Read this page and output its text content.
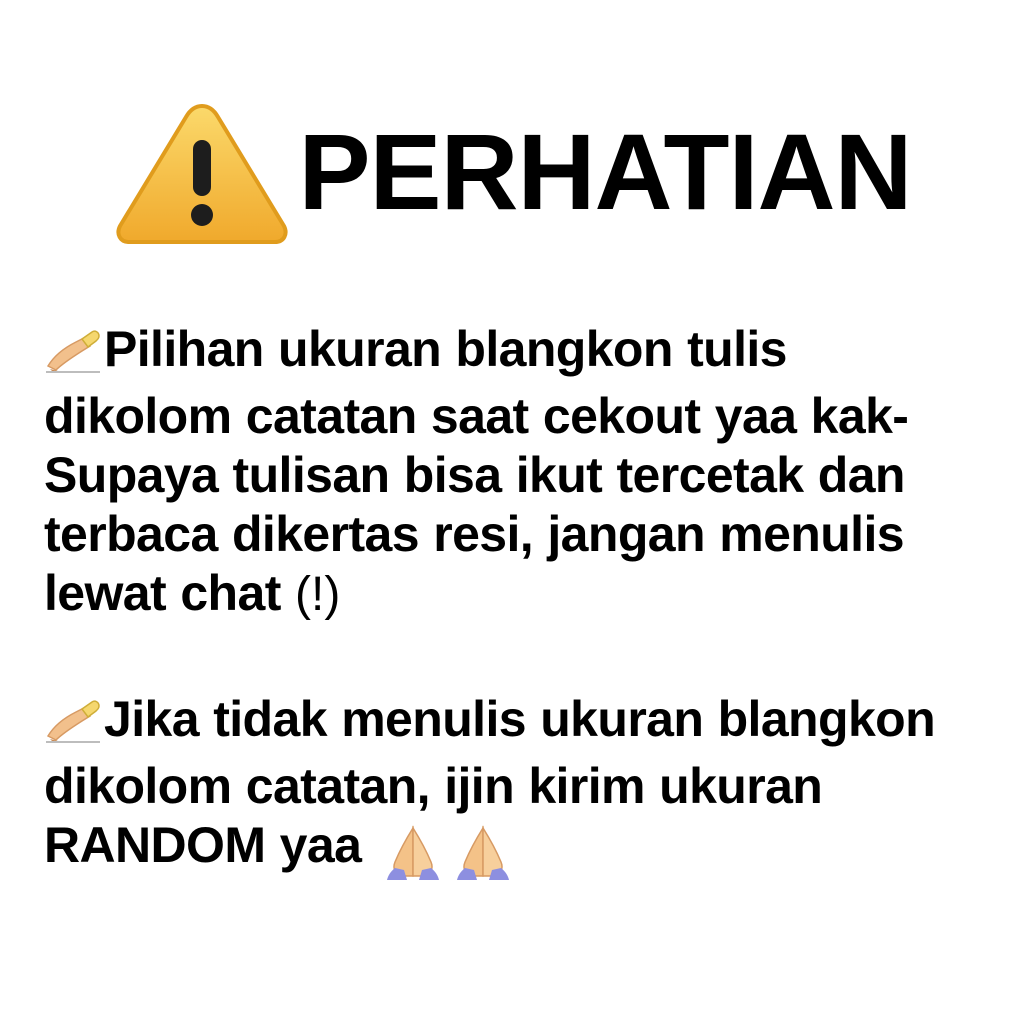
PERHATIAN

Pilihan ukuran blangkon tulis dikolom catatan saat cekout yaa kak- Supaya tulisan bisa ikut tercetak dan terbaca dikertas resi, jangan menulis lewat chat (!)

Jika tidak menulis ukuran blangkon dikolom catatan, ijin kirim ukuran RANDOM yaa
